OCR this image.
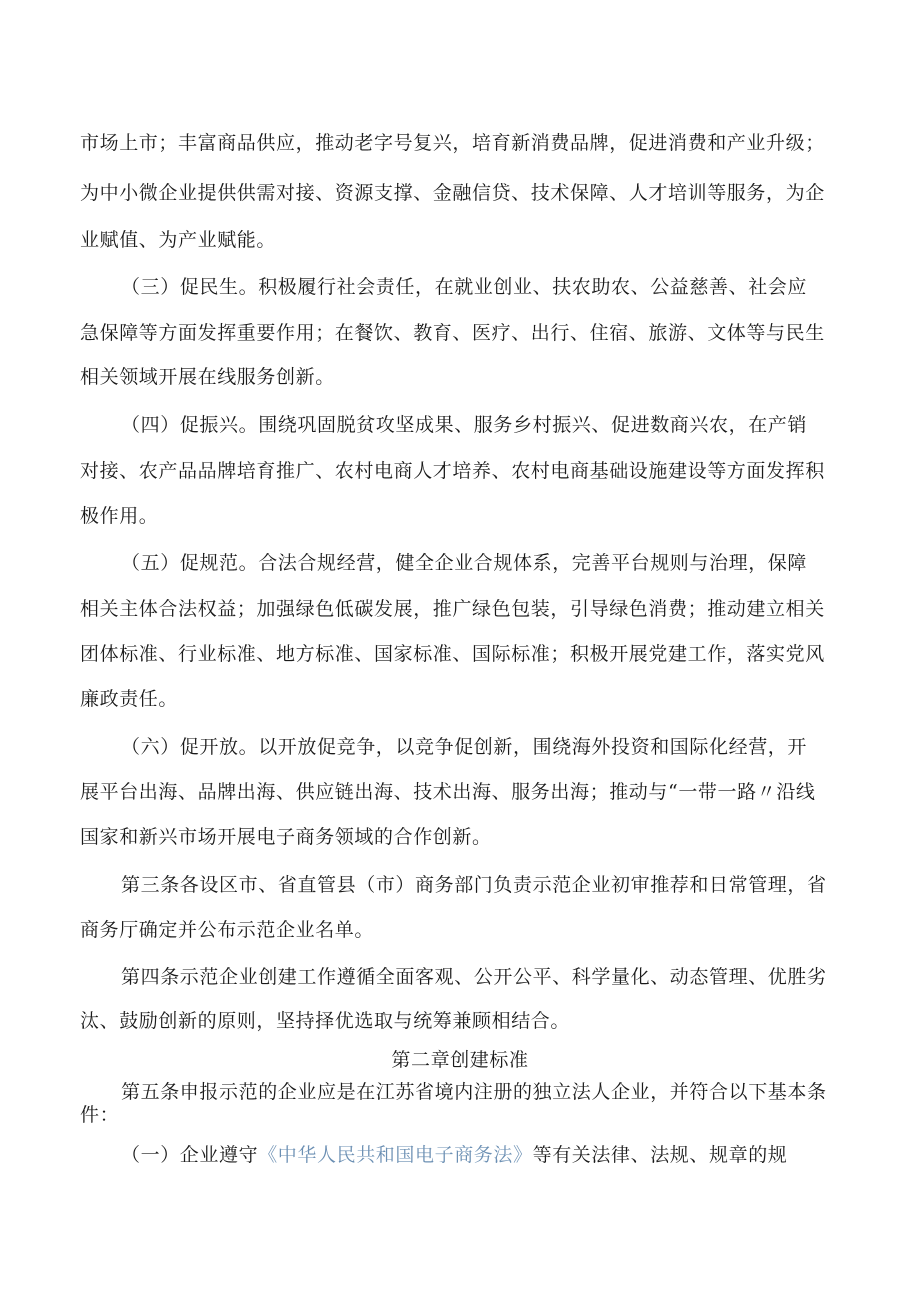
市场上市；丰富商品供应，推动老字号复兴，培育新消费品牌，促进消费和产业升级；
为中小微企业提供供需对接、资源支撑、金融信贷、技术保障、人才培训等服务，为企
业赋值、为产业赋能。
（三）促民生。积极履行社会责任，在就业创业、扶农助农、公益慈善、社会应
急保障等方面发挥重要作用；在餐饮、教育、医疗、出行、住宿、旅游、文体等与民生
相关领域开展在线服务创新。
（四）促振兴。围绕巩固脱贫攻坚成果、服务乡村振兴、促进数商兴农，在产销
对接、农产品品牌培育推广、农村电商人才培养、农村电商基础设施建设等方面发挥积
极作用。
（五）促规范。合法合规经营，健全企业合规体系，完善平台规则与治理，保障
相关主体合法权益；加强绿色低碳发展，推广绿色包装，引导绿色消费；推动建立相关
团体标准、行业标准、地方标准、国家标准、国际标准；积极开展党建工作，落实党风
廉政责任。
（六）促开放。以开放促竞争，以竞争促创新，围绕海外投资和国际化经营，开
展平台出海、品牌出海、供应链出海、技术出海、服务出海；推动与“一带一路〃沿线
国家和新兴市场开展电子商务领域的合作创新。
第三条各设区市、省直管县（市）商务部门负责示范企业初审推荐和日常管理，省
商务厅确定并公布示范企业名单。
第四条示范企业创建工作遵循全面客观、公开公平、科学量化、动态管理、优胜劣
汰、鼓励创新的原则，坚持择优选取与统筹兼顾相结合。
第二章创建标准
第五条申报示范的企业应是在江苏省境内注册的独立法人企业，并符合以下基本条
件：
（一）企业遵守《中华人民共和国电子商务法》等有关法律、法规、规章的规
